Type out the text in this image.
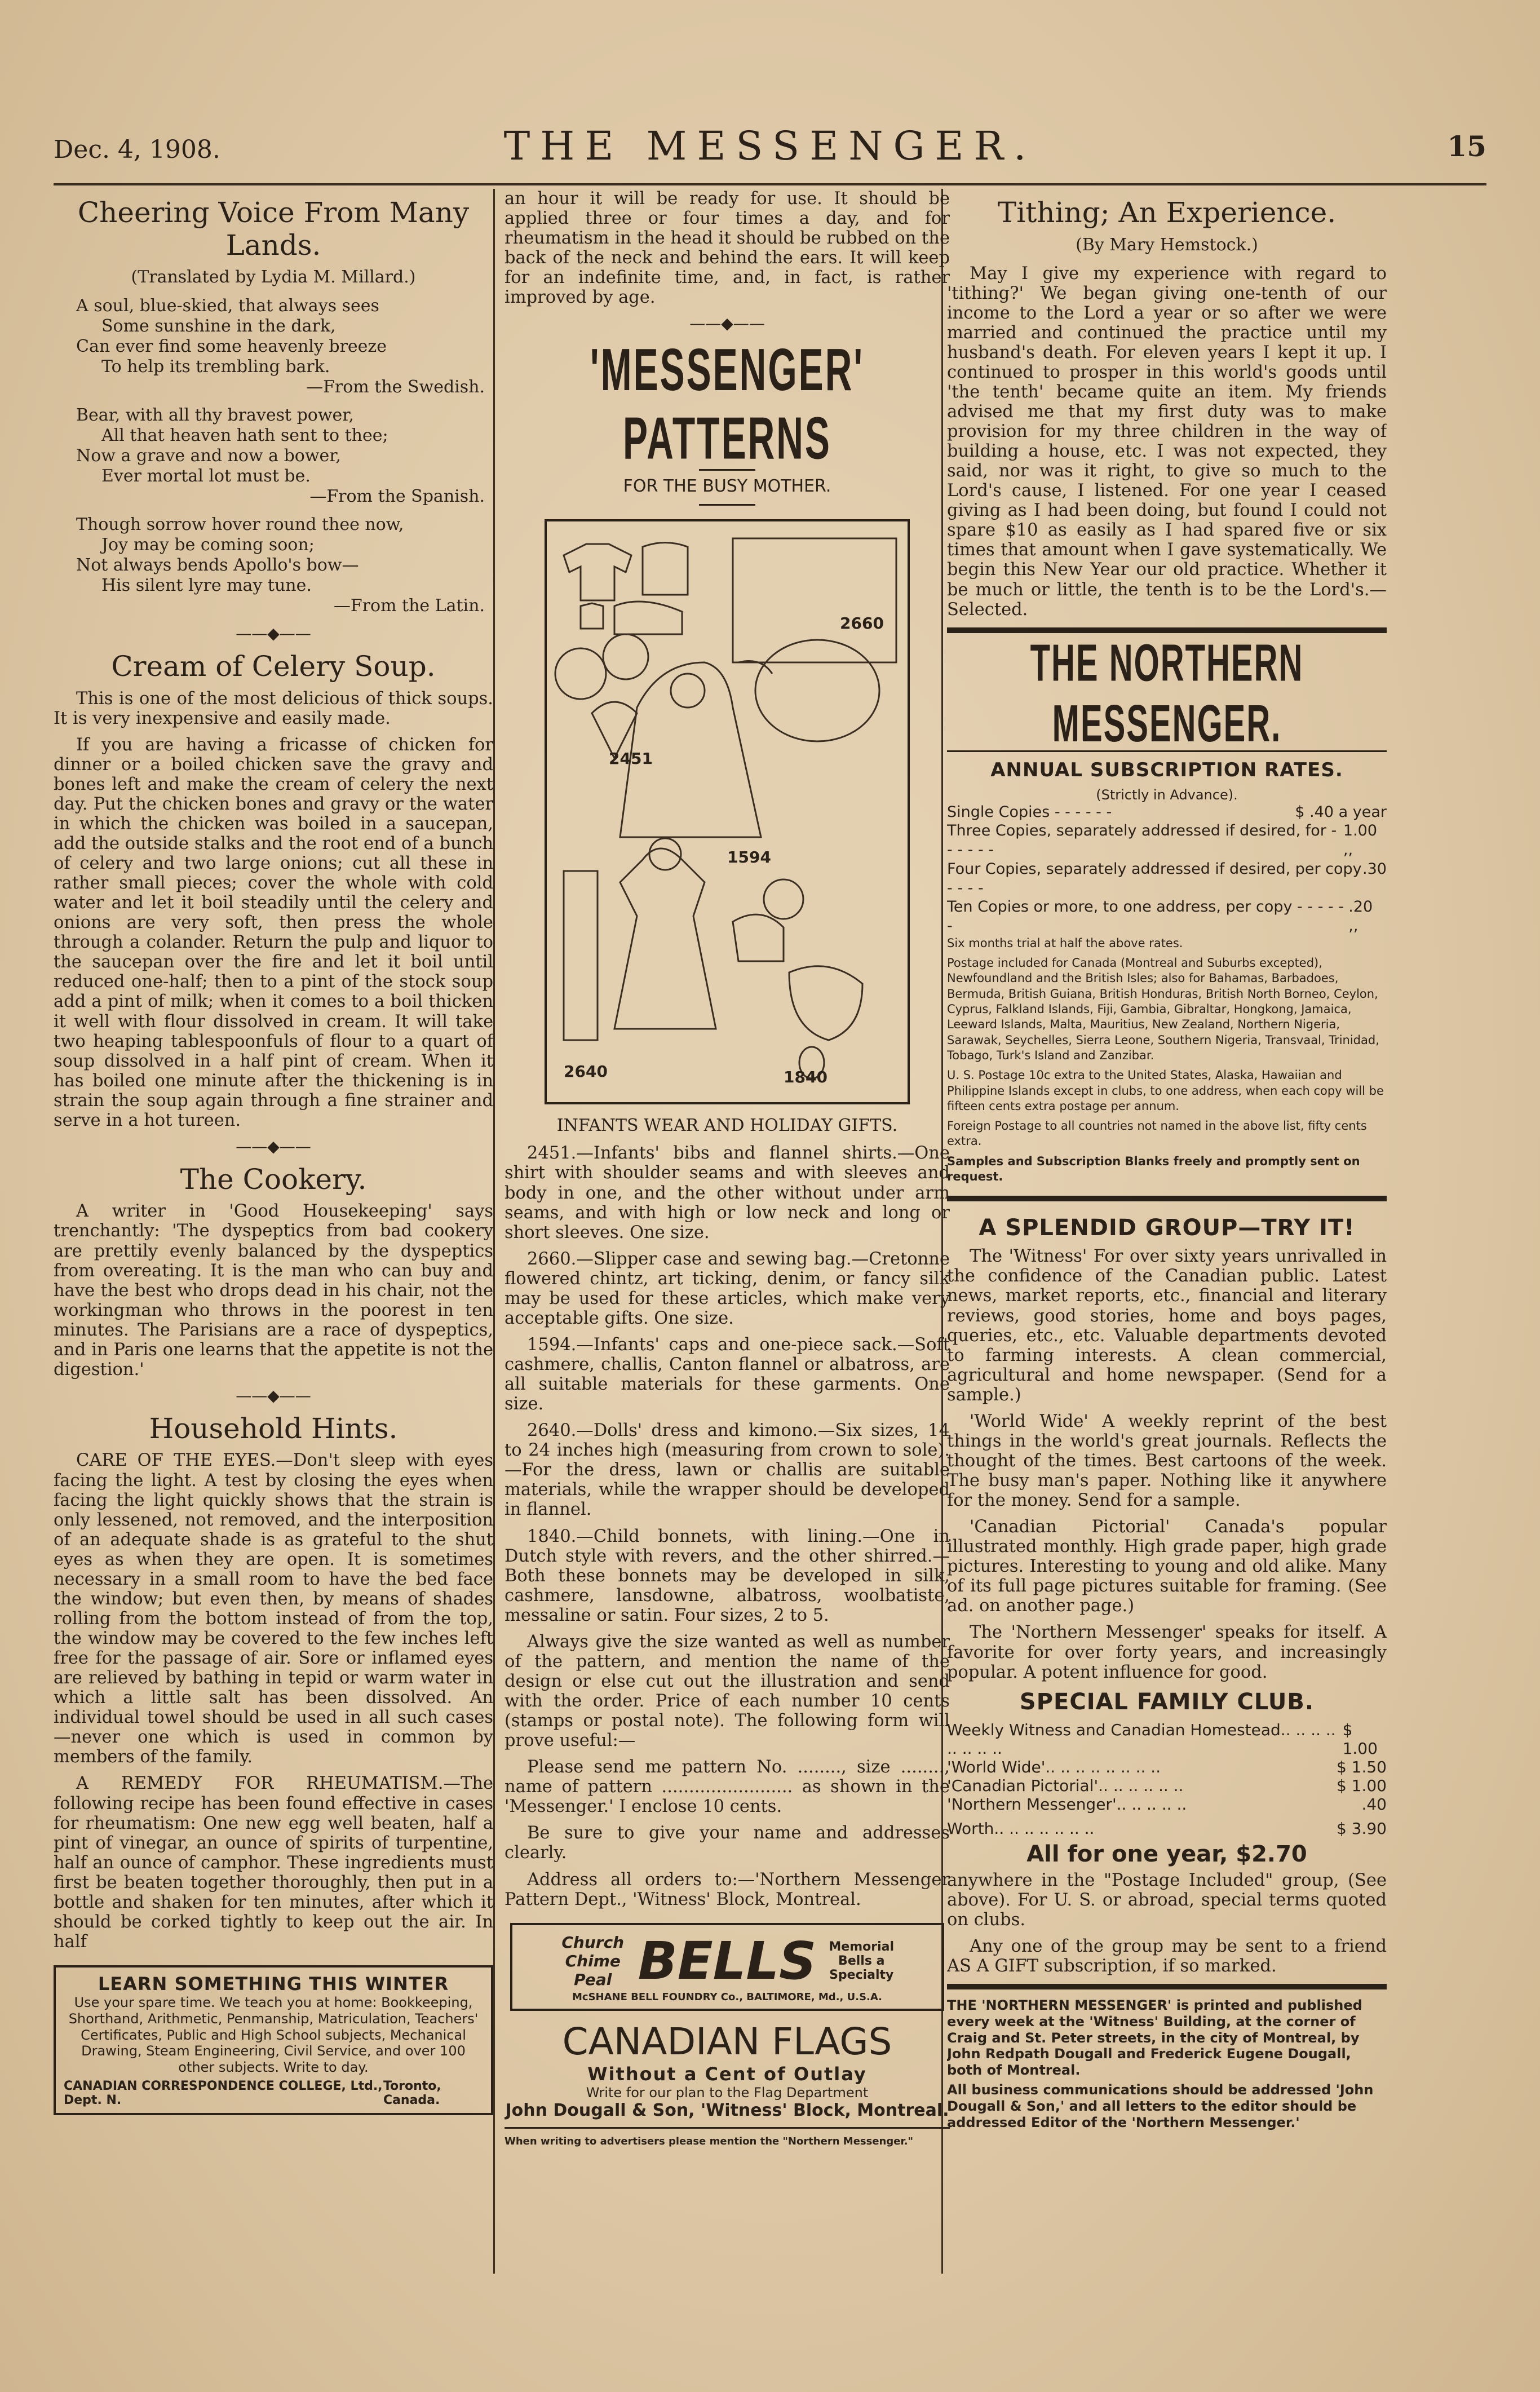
Dec. 4, 1908.	THE MESSENGER.	15
Cheering Voice From Many Lands.
(Translated by Lydia M. Millard.)
A soul, blue-skied, that always sees
Some sunshine in the dark,
Can ever find some heavenly breeze
To help its trembling bark.
—From the Swedish.
Bear, with all thy bravest power,
All that heaven hath sent to thee;
Now a grave and now a bower,
Ever mortal lot must be.
—From the Spanish.
Though sorrow hover round thee now,
Joy may be coming soon;
Not always bends Apollo's bow—
His silent lyre may tune.
—From the Latin.
——◆——
Cream of Celery Soup.

This is one of the most delicious of thick soups. It is very inexpensive and easily made.

If you are having a fricasse of chicken for dinner or a boiled chicken save the gravy and bones left and make the cream of celery the next day. Put the chicken bones and gravy or the water in which the chicken was boiled in a saucepan, add the outside stalks and the root end of a bunch of celery and two large onions; cut all these in rather small pieces; cover the whole with cold water and let it boil steadily until the celery and onions are very soft, then press the whole through a colander. Return the pulp and liquor to the saucepan over the fire and let it boil until reduced one-half; then to a pint of the stock soup add a pint of milk; when it comes to a boil thicken it well with flour dissolved in cream. It will take two heaping tablespoonfuls of flour to a quart of soup dissolved in a half pint of cream. When it has boiled one minute after the thickening is in strain the soup again through a fine strainer and serve in a hot tureen.

——◆——
The Cookery.

A writer in 'Good Housekeeping' says trenchantly: 'The dyspeptics from bad cookery are prettily evenly balanced by the dyspeptics from overeating. It is the man who can buy and have the best who drops dead in his chair, not the workingman who throws in the poorest in ten minutes. The Parisians are a race of dyspeptics, and in Paris one learns that the appetite is not the digestion.'

——◆——
Household Hints.

CARE OF THE EYES.—Don't sleep with eyes facing the light. A test by closing the eyes when facing the light quickly shows that the strain is only lessened, not removed, and the interposition of an adequate shade is as grateful to the shut eyes as when they are open. It is sometimes necessary in a small room to have the bed face the window; but even then, by means of shades rolling from the bottom instead of from the top, the window may be covered to the few inches left free for the passage of air. Sore or inflamed eyes are relieved by bathing in tepid or warm water in which a little salt has been dissolved. An individual towel should be used in all such cases—never one which is used in common by members of the family.

A REMEDY FOR RHEUMATISM.—The following recipe has been found effective in cases for rheumatism: One new egg well beaten, half a pint of vinegar, an ounce of spirits of turpentine, half an ounce of camphor. These ingredients must first be beaten together thoroughly, then put in a bottle and shaken for ten minutes, after which it should be corked tightly to keep out the air. In half

LEARN SOMETHING THIS WINTER
Use your spare time. We teach you at home: Bookkeeping, Shorthand, Arithmetic, Penmanship, Matriculation, Teachers' Certificates, Public and High School subjects, Mechanical Drawing, Steam Engineering, Civil Service, and over 100 other subjects. Write to day.
CANADIAN CORRESPONDENCE COLLEGE, Ltd., Dept. N.
Toronto, Canada.

an hour it will be ready for use. It should be applied three or four times a day, and for rheumatism in the head it should be rubbed on the back of the neck and behind the ears. It will keep for an indefinite time, and, in fact, is rather improved by age.

——◆——
'MESSENGER' PATTERNS
FOR THE BUSY MOTHER.
2660
2451
1594
2640	1840
INFANTS WEAR AND HOLIDAY GIFTS.

2451.—Infants' bibs and flannel shirts.—One shirt with shoulder seams and with sleeves and body in one, and the other without under arm seams, and with high or low neck and long or short sleeves. One size.

2660.—Slipper case and sewing bag.—Cretonne flowered chintz, art ticking, denim, or fancy silk may be used for these articles, which make very acceptable gifts. One size.

1594.—Infants' caps and one-piece sack.—Soft cashmere, challis, Canton flannel or albatross, are all suitable materials for these garments. One size.

2640.—Dolls' dress and kimono.—Six sizes, 14 to 24 inches high (measuring from crown to sole).—For the dress, lawn or challis are suitable materials, while the wrapper should be developed in flannel.

1840.—Child bonnets, with lining.—One in Dutch style with revers, and the other shirred.—Both these bonnets may be developed in silk, cashmere, lansdowne, albatross, woolbatiste, messaline or satin. Four sizes, 2 to 5.

Always give the size wanted as well as number of the pattern, and mention the name of the design or else cut out the illustration and send with the order. Price of each number 10 cents (stamps or postal note). The following form will prove useful:—

Please send me pattern No. ........, size ........, name of pattern ........................ as shown in the 'Messenger.' I enclose 10 cents.

Be sure to give your name and addresses clearly.

Address all orders to:—'Northern Messenger Pattern Dept., 'Witness' Block, Montreal.

Church Chime Peal BELLS Memorial Bells a Specialty
McSHANE BELL FOUNDRY Co., BALTIMORE, Md., U.S.A.
CANADIAN FLAGS
Without a Cent of Outlay
Write for our plan to the Flag Department
John Dougall & Son, 'Witness' Block, Montreal.
When writing to advertisers please mention the "Northern Messenger."
Tithing; An Experience.
(By Mary Hemstock.)

May I give my experience with regard to 'tithing?' We began giving one-tenth of our income to the Lord a year or so after we were married and continued the practice until my husband's death. For eleven years I kept it up. I continued to prosper in this world's goods until 'the tenth' became quite an item. My friends advised me that my first duty was to make provision for my three children in the way of building a house, etc. I was not expected, they said, nor was it right, to give so much to the Lord's cause, I listened. For one year I ceased giving as I had been doing, but found I could not spare $10 as easily as I had spared five or six times that amount when I gave systematically. We begin this New Year our old practice. Whether it be much or little, the tenth is to be the Lord's.—Selected.

THE NORTHERN MESSENGER.
ANNUAL SUBSCRIPTION RATES.
(Strictly in Advance).
Single Copies - - - - - -	$ .40 a year
Three Copies, separately addressed if desired, for - - - - - -
1.00 ,,
Four Copies, separately addressed if desired, per copy - - - -
.30
Ten Copies or more, to one address, per copy - - - - - -
.20 ,,
Six months trial at half the above rates.
Postage included for Canada (Montreal and Suburbs excepted), Newfoundland and the British Isles; also for Bahamas, Barbadoes, Bermuda, British Guiana, British Honduras, British North Borneo, Ceylon, Cyprus, Falkland Islands, Fiji, Gambia, Gibraltar, Hongkong, Jamaica, Leeward Islands, Malta, Mauritius, New Zealand, Northern Nigeria, Sarawak, Seychelles, Sierra Leone, Southern Nigeria, Transvaal, Trinidad, Tobago, Turk's Island and Zanzibar.
U. S. Postage 10c extra to the United States, Alaska, Hawaiian and Philippine Islands except in clubs, to one address, when each copy will be fifteen cents extra postage per annum.
Foreign Postage to all countries not named in the above list, fifty cents extra.
Samples and Subscription Blanks freely and promptly sent on request.
A SPLENDID GROUP—TRY IT!

The 'Witness' For over sixty years unrivalled in the confidence of the Canadian public. Latest news, market reports, etc., financial and literary reviews, good stories, home and boys pages, queries, etc., etc. Valuable departments devoted to farming interests. A clean commercial, agricultural and home newspaper. (Send for a sample.)

'World Wide' A weekly reprint of the best things in the world's great journals. Reflects the thought of the times. Best cartoons of the week. The busy man's paper. Nothing like it anywhere for the money. Send for a sample.

'Canadian Pictorial' Canada's popular illustrated monthly. High grade paper, high grade pictures. Interesting to young and old alike. Many of its full page pictures suitable for framing. (See ad. on another page.)

The 'Northern Messenger' speaks for itself. A favorite for over forty years, and increasingly popular. A potent influence for good.

SPECIAL FAMILY CLUB.
Weekly Witness and Canadian Homestead.. .. .. .. .. .. .. ..
$ 1.00
'World Wide'.. .. .. .. .. .. .. ..	$ 1.50
'Canadian Pictorial'.. .. .. .. .. ..	$ 1.00
'Northern Messenger'.. .. .. .. ..	.40
Worth.. .. .. .. .. .. ..	$ 3.90
All for one year, $2.70

anywhere in the "Postage Included" group, (See above). For U. S. or abroad, special terms quoted on clubs.

Any one of the group may be sent to a friend AS A GIFT subscription, if so marked.

THE 'NORTHERN MESSENGER' is printed and published every week at the 'Witness' Building, at the corner of Craig and St. Peter streets, in the city of Montreal, by John Redpath Dougall and Frederick Eugene Dougall, both of Montreal.
All business communications should be addressed 'John Dougall & Son,' and all letters to the editor should be addressed Editor of the 'Northern Messenger.'
